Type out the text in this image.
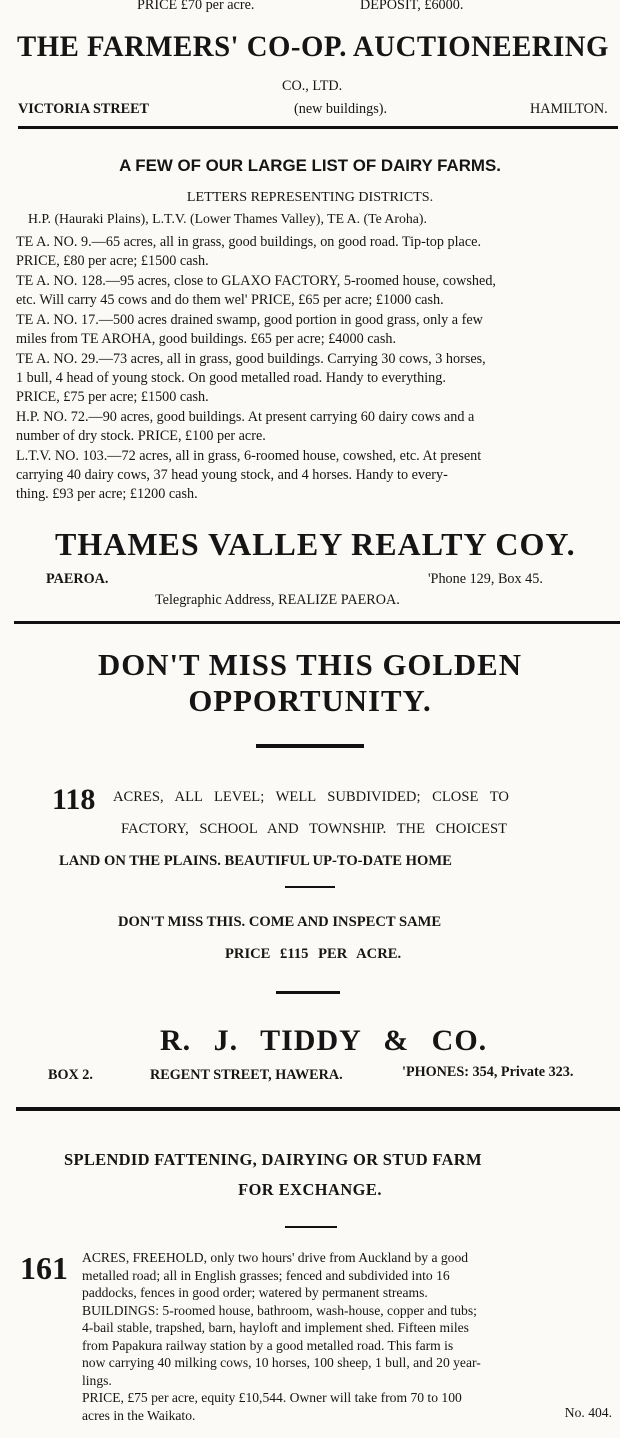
PRICE £70 per acre.	DEPOSIT, £6000.
THE FARMERS' CO-OP. AUCTIONEERING
CO., LTD.
VICTORIA STREET	(new buildings).	HAMILTON.
A FEW OF OUR LARGE LIST OF DAIRY FARMS.
LETTERS REPRESENTING DISTRICTS.
H.P. (Hauraki Plains), L.T.V. (Lower Thames Valley), TE A. (Te Aroha).
TE A. NO. 9.—65 acres, all in grass, good buildings, on good road. Tip-top place.
PRICE, £80 per acre; £1500 cash.
TE A. NO. 128.—95 acres, close to GLAXO FACTORY, 5-roomed house, cowshed,
etc. Will carry 45 cows and do them wel' PRICE, £65 per acre; £1000 cash.
TE A. NO. 17.—500 acres drained swamp, good portion in good grass, only a few
miles from TE AROHA, good buildings. £65 per acre; £4000 cash.
TE A. NO. 29.—73 acres, all in grass, good buildings. Carrying 30 cows, 3 horses,
1 bull, 4 head of young stock. On good metalled road. Handy to everything.
PRICE, £75 per acre; £1500 cash.
H.P. NO. 72.—90 acres, good buildings. At present carrying 60 dairy cows and a
number of dry stock. PRICE, £100 per acre.
L.T.V. NO. 103.—72 acres, all in grass, 6-roomed house, cowshed, etc. At present
carrying 40 dairy cows, 37 head young stock, and 4 horses. Handy to every-
thing. £93 per acre; £1200 cash.
THAMES VALLEY REALTY COY.
PAEROA.	'Phone 129, Box 45.
Telegraphic Address, REALIZE PAEROA.
DON'T MISS THIS GOLDEN
OPPORTUNITY.
118 ACRES, ALL LEVEL; WELL SUBDIVIDED; CLOSE TO
FACTORY, SCHOOL AND TOWNSHIP. THE CHOICEST
LAND ON THE PLAINS. BEAUTIFUL UP-TO-DATE HOME
DON'T MISS THIS. COME AND INSPECT SAME
PRICE £115 PER ACRE.
R. J. TIDDY & CO.
BOX 2.	REGENT STREET, HAWERA.	'PHONES: 354, Private 323.
SPLENDID FATTENING, DAIRYING OR STUD FARM
FOR EXCHANGE.
161 ACRES, FREEHOLD, only two hours' drive from Auckland by a good
metalled road; all in English grasses; fenced and subdivided into 16
paddocks, fences in good order; watered by permanent streams.
BUILDINGS: 5-roomed house, bathroom, wash-house, copper and tubs;
4-bail stable, trapshed, barn, hayloft and implement shed. Fifteen miles
from Papakura railway station by a good metalled road. This farm is
now carrying 40 milking cows, 10 horses, 100 sheep, 1 bull, and 20 year-
lings.
PRICE, £75 per acre, equity £10,544. Owner will take from 70 to 100
acres in the Waikato.	No. 404.
